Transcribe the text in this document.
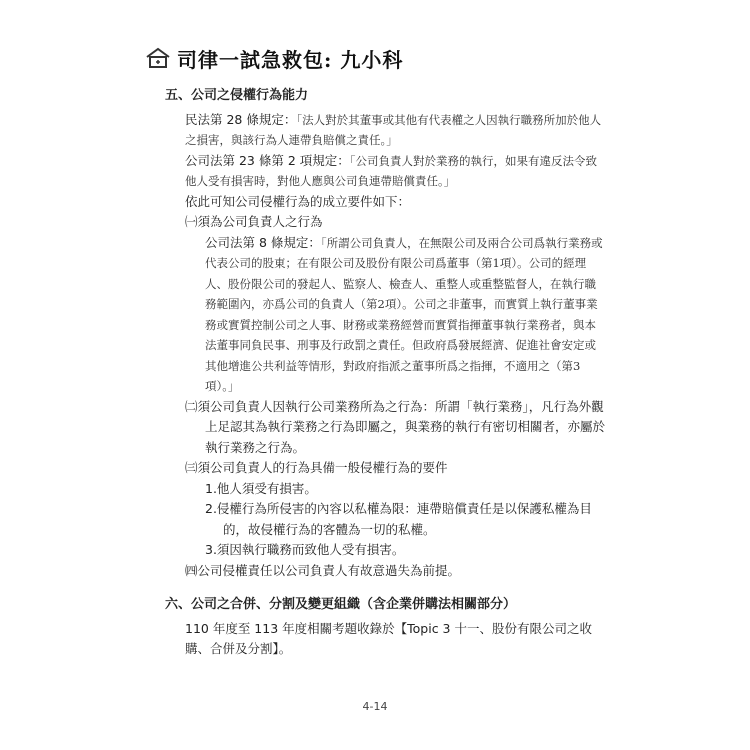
司律一試急救包: 九小科

五、公司之侵權行為能力

民法第 28 條規定：「法人對於其董事或其他有代表權之人因執行職務所加於他人之損害，與該行為人連帶負賠償之責任。」

公司法第 23 條第 2 項規定：「公司負責人對於業務的執行，如果有違反法令致他人受有損害時，對他人應與公司負連帶賠償責任。」

依此可知公司侵權行為的成立要件如下：

㈠須為公司負責人之行為

公司法第 8 條規定：「所謂公司負責人，在無限公司及兩合公司爲執行業務或代表公司的股東；在有限公司及股份有限公司爲董事（第1項）。公司的經理人、股份限公司的發起人、監察人、檢查人、重整人或重整監督人，在執行職務範圍內，亦爲公司的負責人（第2項）。公司之非董事，而實質上執行董事業務或實質控制公司之人事、財務或業務經營而實質指揮董事執行業務者，與本法董事同負民事、刑事及行政罰之責任。但政府爲發展經濟、促進社會安定或其他增進公共利益等情形，對政府指派之董事所爲之指揮，不適用之（第3項）。」

㈡須公司負責人因執行公司業務所為之行為：所謂「執行業務」，凡行為外觀上足認其為執行業務之行為即屬之，與業務的執行有密切相關者，亦屬於執行業務之行為。

㈢須公司負責人的行為具備一般侵權行為的要件

1.他人須受有損害。

2.侵權行為所侵害的內容以私權為限：連帶賠償責任是以保護私權為目的，故侵權行為的客體為一切的私權。

3.須因執行職務而致他人受有損害。

㈣公司侵權責任以公司負責人有故意過失為前提。

六、公司之合併、分割及變更組織（含企業併購法相關部分）

110 年度至 113 年度相關考題收錄於【Topic 3 十一、股份有限公司之收購、合併及分割】。

4-14
